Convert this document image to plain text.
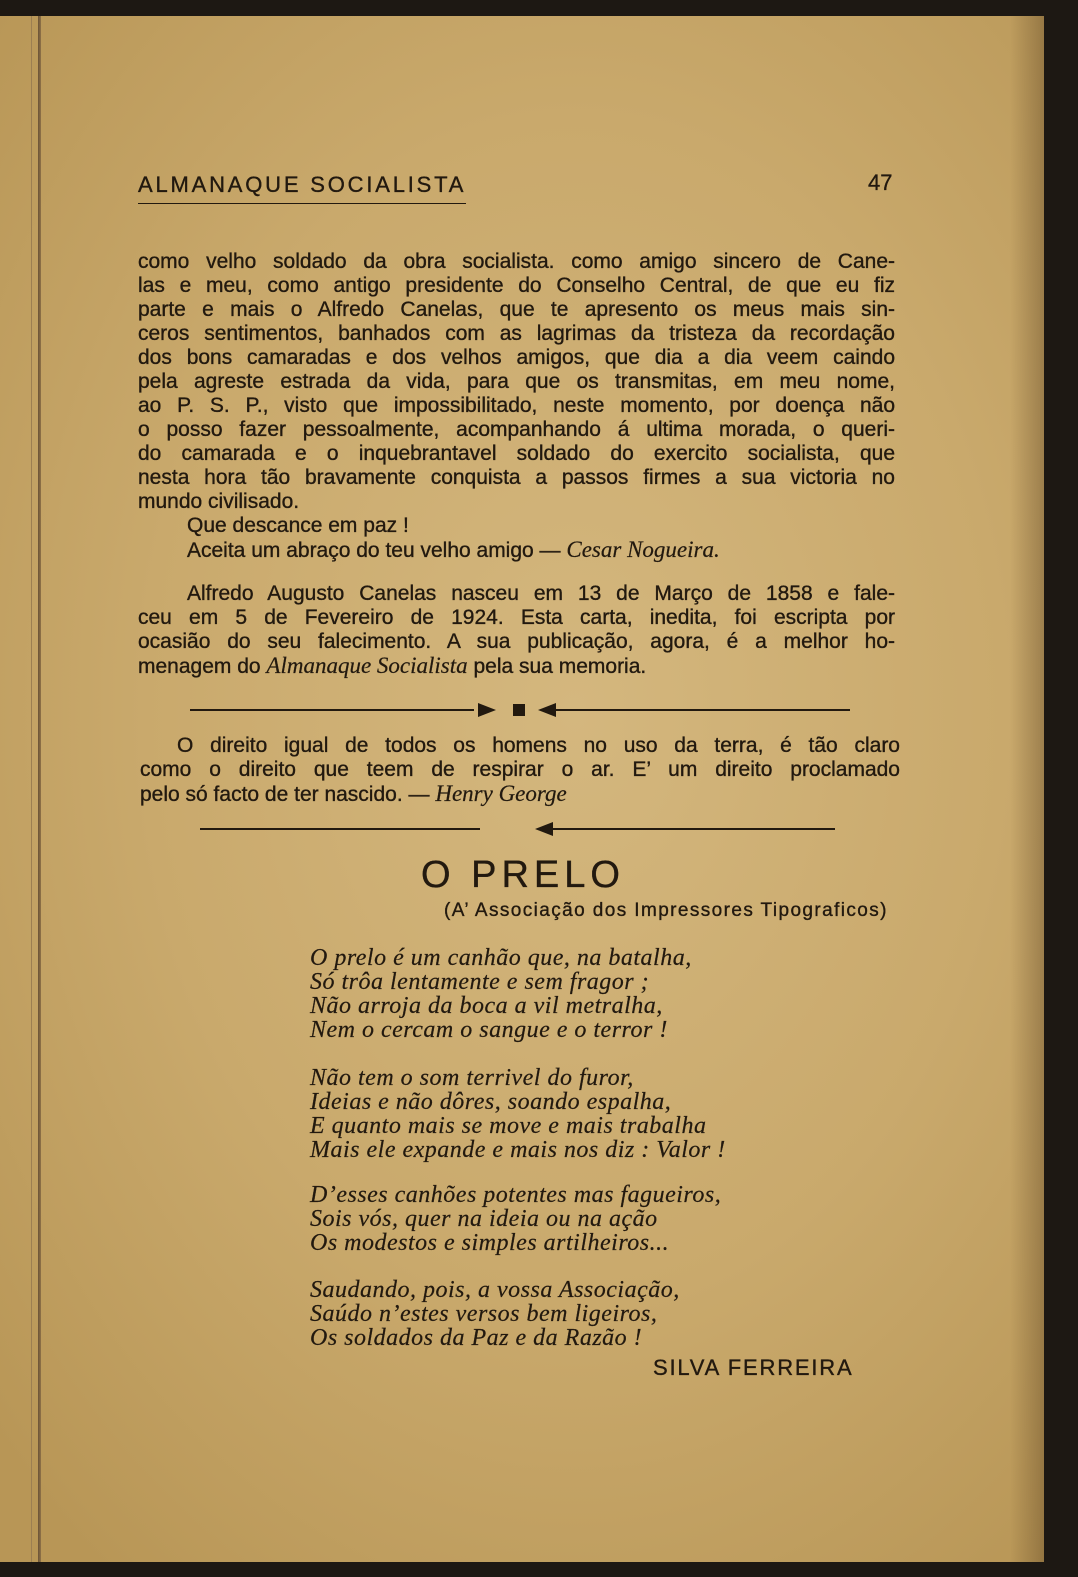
ALMANAQUE SOCIALISTA	47
como velho soldado da obra socialista. como amigo sincero de Cane-
las e meu, como antigo presidente do Conselho Central, de que eu fiz
parte e mais o Alfredo Canelas, que te apresento os meus mais sin-
ceros sentimentos, banhados com as lagrimas da tristeza da recordação
dos bons camaradas e dos velhos amigos, que dia a dia veem caindo
pela agreste estrada da vida, para que os transmitas, em meu nome,
ao P. S. P., visto que impossibilitado, neste momento, por doença não
o posso fazer pessoalmente, acompanhando á ultima morada, o queri-
do camarada e o inquebrantavel soldado do exercito socialista, que
nesta hora tão bravamente conquista a passos firmes a sua victoria no
mundo civilisado.
Que descance em paz !
Aceita um abraço do teu velho amigo — Cesar Nogueira.
Alfredo Augusto Canelas nasceu em 13 de Março de 1858 e fale-
ceu em 5 de Fevereiro de 1924. Esta carta, inedita, foi escripta por
ocasião do seu falecimento. A sua publicação, agora, é a melhor ho-
menagem do Almanaque Socialista pela sua memoria.
O direito igual de todos os homens no uso da terra, é tão claro
como o direito que teem de respirar o ar. E’ um direito proclamado
pelo só facto de ter nascido. — Henry George
O PRELO
(A’ Associação dos Impressores Tipograficos)
O prelo é um canhão que, na batalha,
Só trôa lentamente e sem fragor ;
Não arroja da boca a vil metralha,
Nem o cercam o sangue e o terror !
Não tem o som terrivel do furor,
Ideias e não dôres, soando espalha,
E quanto mais se move e mais trabalha
Mais ele expande e mais nos diz : Valor !
D’esses canhões potentes mas fagueiros,
Sois vós, quer na ideia ou na ação
Os modestos e simples artilheiros...
Saudando, pois, a vossa Associação,
Saúdo n’estes versos bem ligeiros,
Os soldados da Paz e da Razão !
SILVA FERREIRA
